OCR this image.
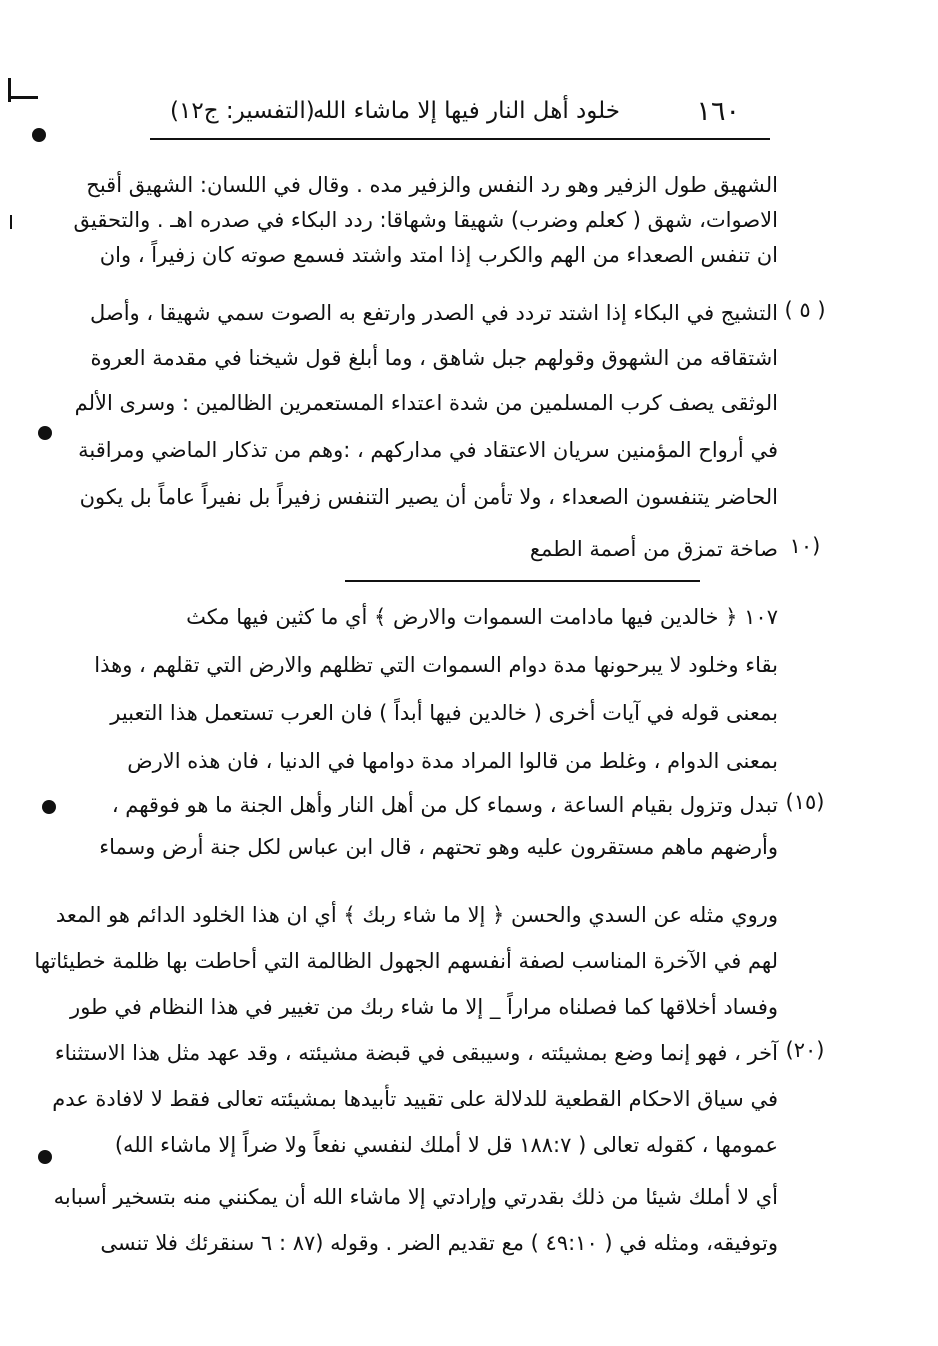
١٦٠
خلود أهل النار فيها إلا ماشاء الله
(التفسير: ج١٢)
الشهيق طول الزفير وهو رد النفس والزفير مده . وقال في اللسان: الشهيق أقبح
الاصوات، شهق ( كعلم وضرب) شهيقا وشهاقا: ردد البكاء في صدره اهـ . والتحقيق
ان تنفس الصعداء من الهم والكرب إذا امتد واشتد فسمع صوته كان زفيراً ، وان
التشيج في البكاء إذا اشتد تردد في الصدر وارتفع به الصوت سمي شهيقا ، وأصل ( ٥ )
اشتقاقه من الشهوق وقولهم جبل شاهق ، وما أبلغ قول شيخنا في مقدمة العروة
الوثقى يصف كرب المسلمين من شدة اعتداء المستعمرين الظالمين : وسرى الألم
في أرواح المؤمنين سريان الاعتقاد في مداركهم ، :وهم من تذكار الماضي ومراقبة
الحاضر يتنفسون الصعداء ، ولا تأمن أن يصير التنفس زفيراً بل نفيراً عاماً بل يكون
صاخة تمزق من أصمة الطمع ١٠)
١٠٧ ﴿ خالدين فيها مادامت السموات والارض ﴾ أي ما كثين فيها مكث
بقاء وخلود لا يبرحونها مدة دوام السموات التي تظلهم والارض التي تقلهم ، وهذا
بمعنى قوله في آيات أخرى ( خالدين فيها أبداً ) فان العرب تستعمل هذا التعبير
بمعنى الدوام ، وغلط من قالوا المراد مدة دوامها في الدنيا ، فان هذه الارض
تبدل وتزول بقيام الساعة ، وسماء كل من أهل النار وأهل الجنة ما هو فوقهم ، (١٥)
وأرضهم ماهم مستقرون عليه وهو تحتهم ، قال ابن عباس لكل جنة أرض وسماء
وروي مثله عن السدي والحسن ﴿ إلا ما شاء ربك ﴾ أي ان هذا الخلود الدائم هو المعد
لهم في الآخرة المناسب لصفة أنفسهم الجهول الظالمة التي أحاطت بها ظلمة خطيئاتها
وفساد أخلاقها كما فصلناه مراراً _ إلا ما شاء ربك من تغيير في هذا النظام في طور
آخر ، فهو إنما وضع بمشيئته ، وسيبقى في قبضة مشيئته ، وقد عهد مثل هذا الاستثناء (٢٠)
في سياق الاحكام القطعية للدلالة على تقييد تأبيدها بمشيئته تعالى فقط لا لافادة عدم
عمومها ، كقوله تعالى ( ١٨٨:٧ قل لا أملك لنفسي نفعاً ولا ضراً إلا ماشاء الله)
أي لا أملك شيئا من ذلك بقدرتي وإرادتي إلا ماشاء الله أن يمكنني منه بتسخير أسبابه
وتوفيقه، ومثله في ( ٤٩:١٠ ) مع تقديم الضر . وقوله (٨٧ : ٦ سنقرئك فلا تنسى
